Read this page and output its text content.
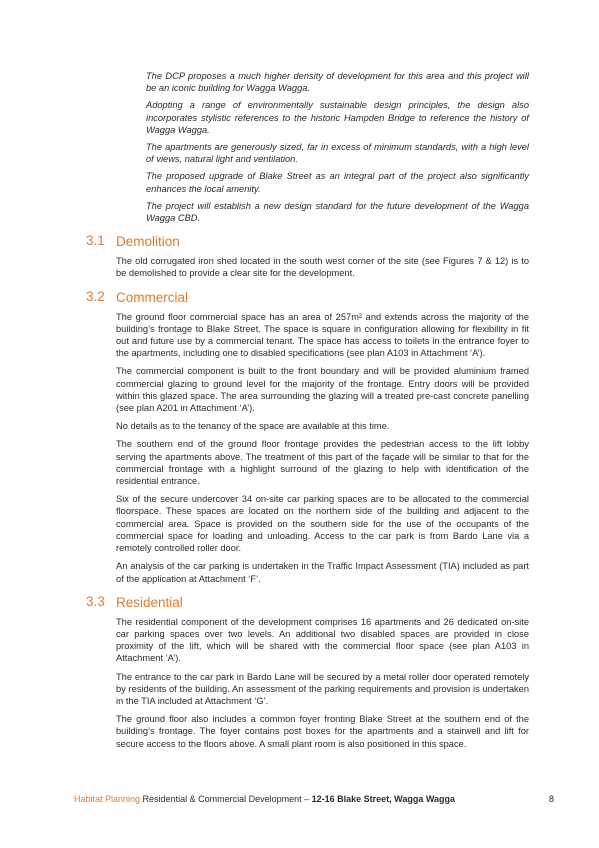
The DCP proposes a much higher density of development for this area and this project will be an iconic building for Wagga Wagga.

Adopting a range of environmentally sustainable design principles, the design also incorporates stylistic references to the historic Hampden Bridge to reference the history of Wagga Wagga.

The apartments are generously sized, far in excess of minimum standards, with a high level of views, natural light and ventilation.

The proposed upgrade of Blake Street as an integral part of the project also significantly enhances the local amenity.

The project will establish a new design standard for the future development of the Wagga Wagga CBD.

3.1 Demolition

The old corrugated iron shed located in the south west corner of the site (see Figures 7 & 12) is to be demolished to provide a clear site for the development.

3.2 Commercial

The ground floor commercial space has an area of 257m² and extends across the majority of the building’s frontage to Blake Street. The space is square in configuration allowing for flexibility in fit out and future use by a commercial tenant. The space has access to toilets in the entrance foyer to the apartments, including one to disabled specifications (see plan A103 in Attachment ‘A’).

The commercial component is built to the front boundary and will be provided aluminium framed commercial glazing to ground level for the majority of the frontage. Entry doors will be provided within this glazed space. The area surrounding the glazing will a treated pre-cast concrete panelling (see plan A201 in Attachment ‘A’).

No details as to the tenancy of the space are available at this time.

The southern end of the ground floor frontage provides the pedestrian access to the lift lobby serving the apartments above. The treatment of this part of the façade will be similar to that for the commercial frontage with a highlight surround of the glazing to help with identification of the residential entrance.

Six of the secure undercover 34 on-site car parking spaces are to be allocated to the commercial floorspace. These spaces are located on the northern side of the building and adjacent to the commercial area. Space is provided on the southern side for the use of the occupants of the commercial space for loading and unloading. Access to the car park is from Bardo Lane via a remotely controlled roller door.

An analysis of the car parking is undertaken in the Traffic Impact Assessment (TIA) included as part of the application at Attachment ‘F’.

3.3 Residential

The residential component of the development comprises 16 apartments and 26 dedicated on-site car parking spaces over two levels. An additional two disabled spaces are provided in close proximity of the lift, which will be shared with the commercial floor space (see plan A103 in Attachment ‘A’).

The entrance to the car park in Bardo Lane will be secured by a metal roller door operated remotely by residents of the building. An assessment of the parking requirements and provision is undertaken in the TIA included at Attachment ‘G’.

The ground floor also includes a common foyer fronting Blake Street at the southern end of the building’s frontage. The foyer contains post boxes for the apartments and a stairwell and lift for secure access to the floors above. A small plant room is also positioned in this space.

Habitat Planning Residential & Commercial Development – 12-16 Blake Street, Wagga Wagga	8
